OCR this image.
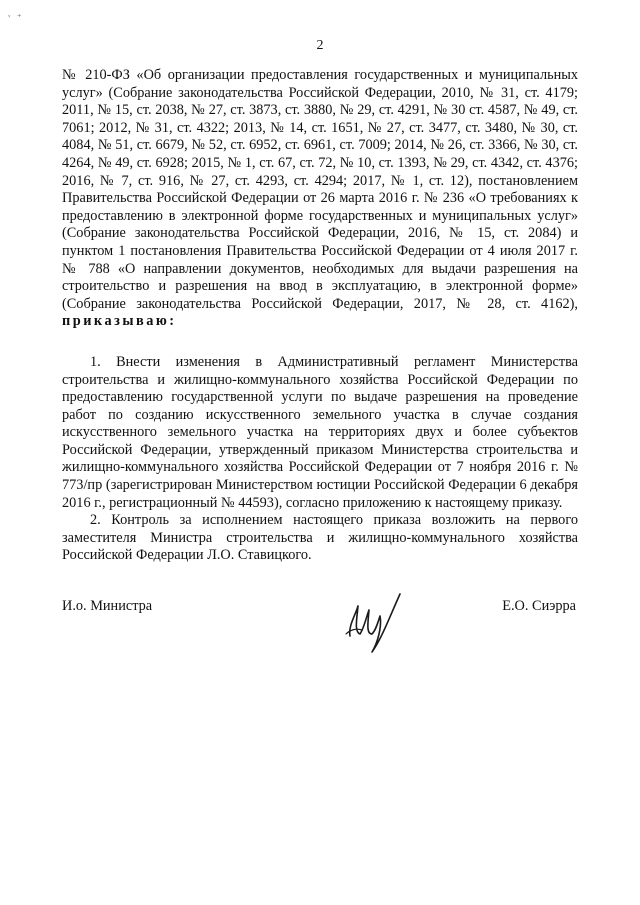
ᵛ ⁺
2

№ 210-ФЗ «Об организации предоставления государственных и муниципальных услуг» (Собрание законодательства Российской Федерации, 2010, № 31, ст. 4179; 2011, № 15, ст. 2038, № 27, ст. 3873, ст. 3880, № 29, ст. 4291, № 30 ст. 4587, № 49, ст. 7061; 2012, № 31, ст. 4322; 2013, № 14, ст. 1651, № 27, ст. 3477, ст. 3480, № 30, ст. 4084, № 51, ст. 6679, № 52, ст. 6952, ст. 6961, ст. 7009; 2014, № 26, ст. 3366, № 30, ст. 4264, № 49, ст. 6928; 2015, № 1, ст. 67, ст. 72, № 10, ст. 1393, № 29, ст. 4342, ст. 4376; 2016, № 7, ст. 916, № 27, ст. 4293, ст. 4294; 2017, № 1, ст. 12), постановлением Правительства Российской Федерации от 26 марта 2016 г. № 236 «О требованиях к предоставлению в электронной форме государственных и муниципальных услуг» (Собрание законодательства Российской Федерации, 2016, № 15, ст. 2084) и пунктом 1 постановления Правительства Российской Федерации от 4 июля 2017 г. № 788 «О направлении документов, необходимых для выдачи разрешения на строительство и разрешения на ввод в эксплуатацию, в электронной форме» (Собрание законодательства Российской Федерации, 2017, № 28, ст. 4162), приказываю:

1. Внести изменения в Административный регламент Министерства строительства и жилищно-коммунального хозяйства Российской Федерации по предоставлению государственной услуги по выдаче разрешения на проведение работ по созданию искусственного земельного участка в случае создания искусственного земельного участка на территориях двух и более субъектов Российской Федерации, утвержденный приказом Министерства строительства и жилищно-коммунального хозяйства Российской Федерации от 7 ноября 2016 г. № 773/пр (зарегистрирован Министерством юстиции Российской Федерации 6 декабря 2016 г., регистрационный № 44593), согласно приложению к настоящему приказу.

2. Контроль за исполнением настоящего приказа возложить на первого заместителя Министра строительства и жилищно-коммунального хозяйства Российской Федерации Л.О. Ставицкого.

И.о. Министра	Е.О. Сиэрра
